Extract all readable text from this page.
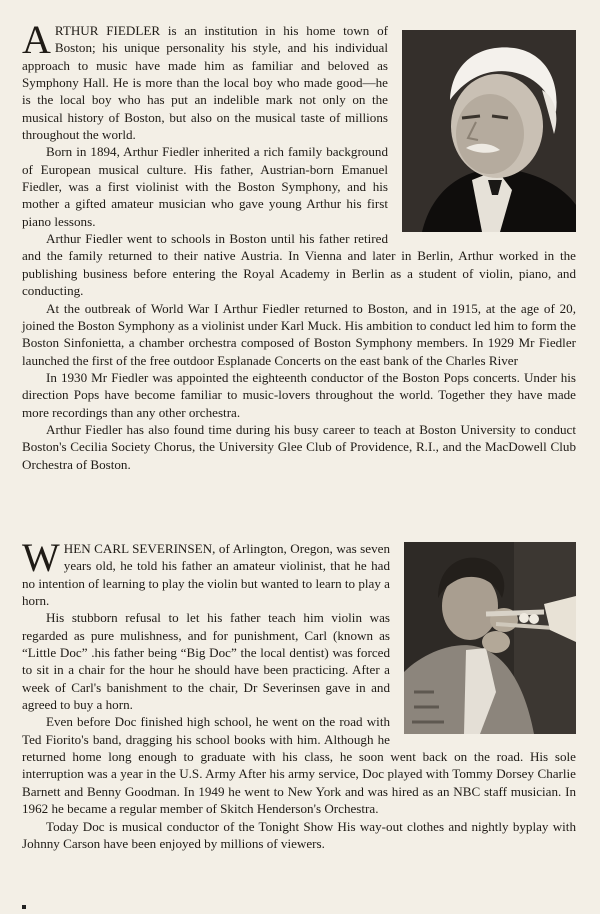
ARTHUR FIEDLER is an institution in his home town of Boston; his unique personality his style, and his individual approach to music have made him as familiar and beloved as Symphony Hall. He is more than the local boy who made good—he is the local boy who has put an indelible mark not only on the musical history of Boston, but also on the musical taste of millions throughout the world.

Born in 1894, Arthur Fiedler inherited a rich family background of European musical culture. His father, Austrian-born Emanuel Fiedler, was a first violinist with the Boston Symphony, and his mother a gifted amateur musician who gave young Arthur his first piano lessons.

Arthur Fiedler went to schools in Boston until his father retired and the family returned to their native Austria. In Vienna and later in Berlin, Arthur worked in the publishing business before entering the Royal Academy in Berlin as a student of violin, piano, and conducting.

At the outbreak of World War I Arthur Fiedler returned to Boston, and in 1915, at the age of 20, joined the Boston Symphony as a violinist under Karl Muck. His ambition to conduct led him to form the Boston Sinfonietta, a chamber orchestra composed of Boston Symphony members. In 1929 Mr Fiedler launched the first of the free outdoor Esplanade Concerts on the east bank of the Charles River

In 1930 Mr Fiedler was appointed the eighteenth conductor of the Boston Pops concerts. Under his direction Pops have become familiar to music-lovers throughout the world. Together they have made more recordings than any other orchestra.

Arthur Fiedler has also found time during his busy career to teach at Boston University to conduct Boston's Cecilia Society Chorus, the University Glee Club of Providence, R.I., and the MacDowell Club Orchestra of Boston.

WHEN CARL SEVERINSEN, of Arlington, Oregon, was seven years old, he told his father an amateur violinist, that he had no intention of learning to play the violin but wanted to learn to play a horn.

His stubborn refusal to let his father teach him violin was regarded as pure mulishness, and for punishment, Carl (known as “Little Doc” .his father being “Big Doc” the local dentist) was forced to sit in a chair for the hour he should have been practicing. After a week of Carl's banishment to the chair, Dr Severinsen gave in and agreed to buy a horn.

Even before Doc finished high school, he went on the road with Ted Fiorito's band, dragging his school books with him. Although he returned home long enough to graduate with his class, he soon went back on the road. His sole interruption was a year in the U.S. Army After his army service, Doc played with Tommy Dorsey Charlie Barnett and Benny Goodman. In 1949 he went to New York and was hired as an NBC staff musician. In 1962 he became a regular member of Skitch Henderson's Orchestra.

Today Doc is musical conductor of the Tonight Show His way-out clothes and nightly byplay with Johnny Carson have been enjoyed by millions of viewers.
